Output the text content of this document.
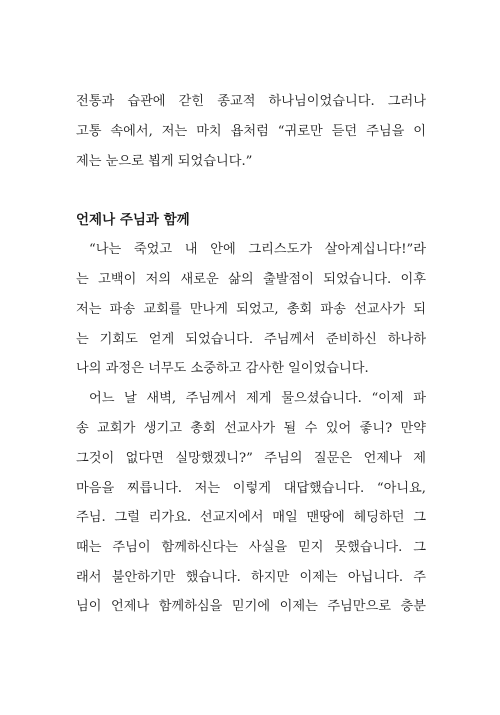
전통과 습관에 갇힌 종교적 하나님이었습니다. 그러나
고통 속에서, 저는 마치 욥처럼 “귀로만 듣던 주님을 이
제는 눈으로 뵙게 되었습니다.”
언제나 주님과 함께
“나는 죽었고 내 안에 그리스도가 살아계십니다!”라
는 고백이 저의 새로운 삶의 출발점이 되었습니다. 이후
저는 파송 교회를 만나게 되었고, 총회 파송 선교사가 되
는 기회도 얻게 되었습니다. 주님께서 준비하신 하나하
나의 과정은 너무도 소중하고 감사한 일이었습니다.
어느 날 새벽, 주님께서 제게 물으셨습니다. “이제 파
송 교회가 생기고 총회 선교사가 될 수 있어 좋니? 만약
그것이 없다면 실망했겠니?” 주님의 질문은 언제나 제
마음을 찌릅니다. 저는 이렇게 대답했습니다. “아니요,
주님. 그럴 리가요. 선교지에서 매일 맨땅에 헤딩하던 그
때는 주님이 함께하신다는 사실을 믿지 못했습니다. 그
래서 불안하기만 했습니다. 하지만 이제는 아닙니다. 주
님이 언제나 함께하심을 믿기에 이제는 주님만으로 충분
